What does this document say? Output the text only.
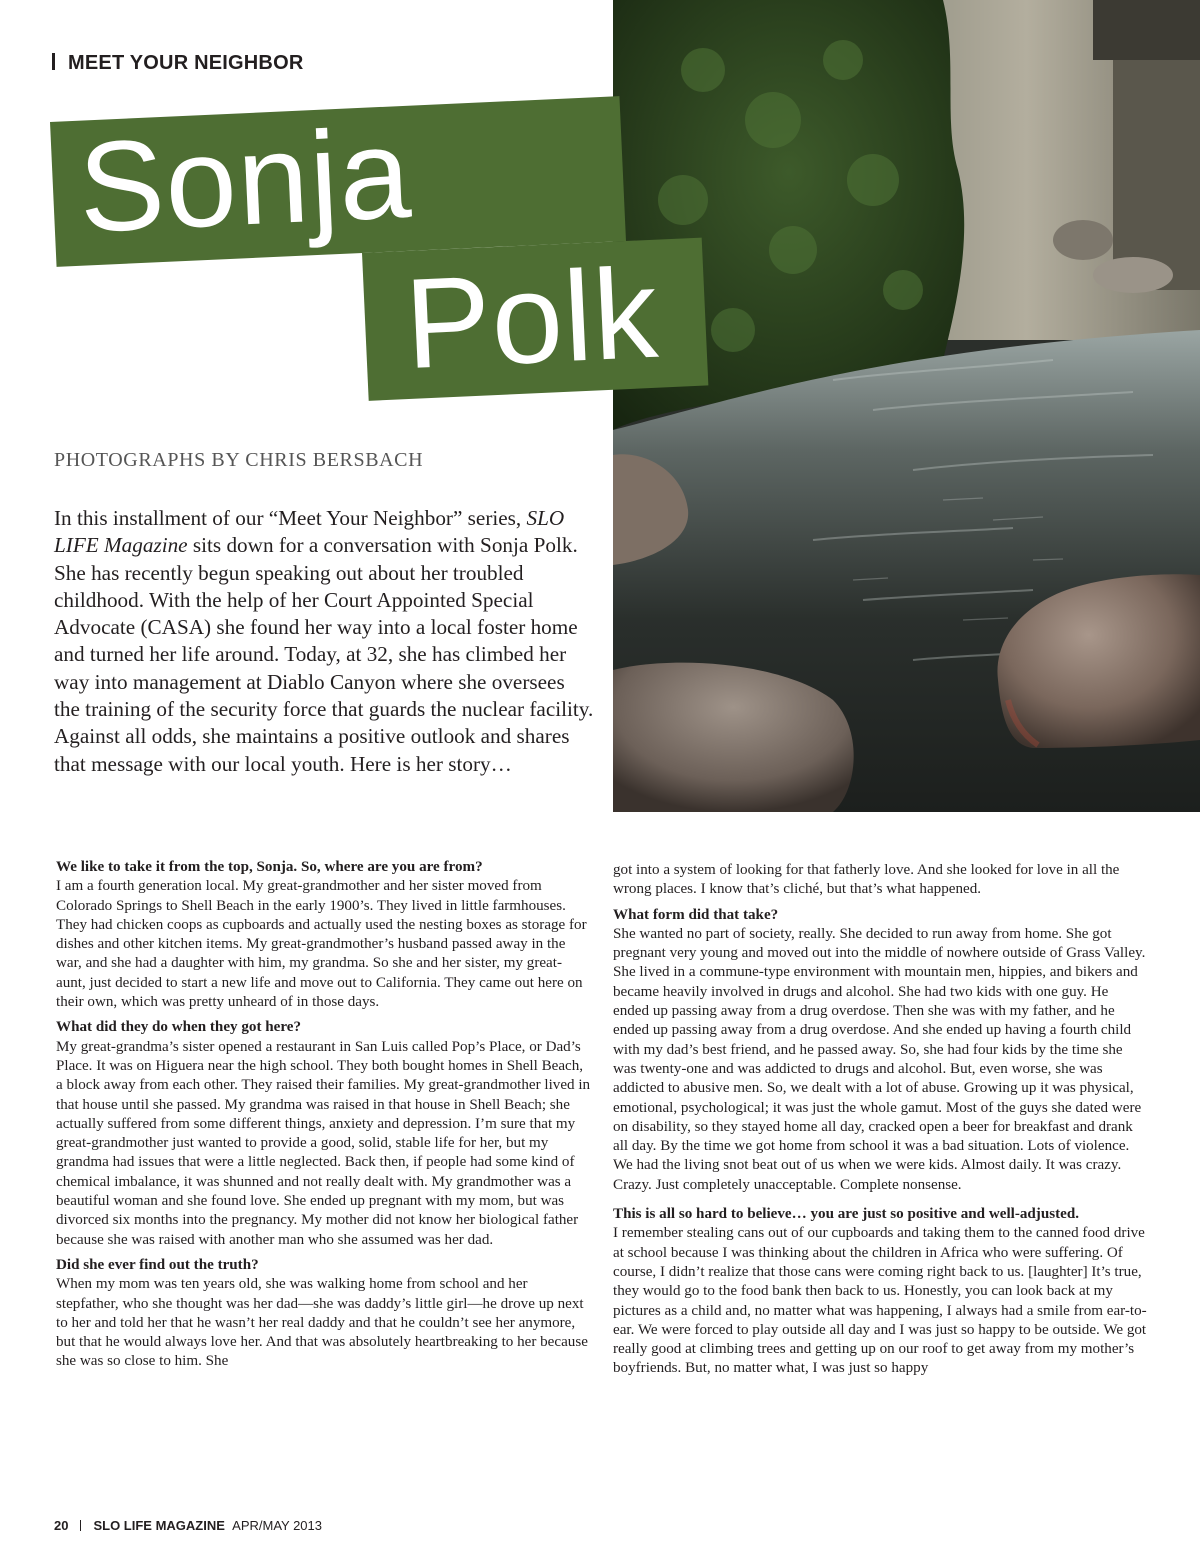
MEET YOUR NEIGHBOR
Sonja
Polk
PHOTOGRAPHS BY CHRIS BERSBACH
In this installment of our “Meet Your Neighbor” series, SLO LIFE Magazine sits down for a conversation with Sonja Polk. She has recently begun speaking out about her troubled childhood. With the help of her Court Appointed Special Advocate (CASA) she found her way into a local foster home and turned her life around. Today, at 32, she has climbed her way into management at Diablo Canyon where she oversees the training of the security force that guards the nuclear facility. Against all odds, she maintains a positive outlook and shares that message with our local youth. Here is her story…
We like to take it from the top, Sonja. So, where are you are from?
I am a fourth generation local. My great-grandmother and her sister moved from Colorado Springs to Shell Beach in the early 1900’s. They lived in little farmhouses. They had chicken coops as cupboards and actually used the nesting boxes as storage for dishes and other kitchen items. My great-grandmother’s husband passed away in the war, and she had a daughter with him, my grandma. So she and her sister, my great-aunt, just decided to start a new life and move out to California. They came out here on their own, which was pretty unheard of in those days.
What did they do when they got here?
My great-grandma’s sister opened a restaurant in San Luis called Pop’s Place, or Dad’s Place. It was on Higuera near the high school. They both bought homes in Shell Beach, a block away from each other. They raised their families. My great-grandmother lived in that house until she passed. My grandma was raised in that house in Shell Beach; she actually suffered from some different things, anxiety and depression. I’m sure that my great-grandmother just wanted to provide a good, solid, stable life for her, but my grandma had issues that were a little neglected. Back then, if people had some kind of chemical imbalance, it was shunned and not really dealt with. My grandmother was a beautiful woman and she found love. She ended up pregnant with my mom, but was divorced six months into the pregnancy. My mother did not know her biological father because she was raised with another man who she assumed was her dad.
Did she ever find out the truth?
When my mom was ten years old, she was walking home from school and her stepfather, who she thought was her dad—she was daddy’s little girl—he drove up next to her and told her that he wasn’t her real daddy and that he couldn’t see her anymore, but that he would always love her. And that was absolutely heartbreaking to her because she was so close to him. She
got into a system of looking for that fatherly love. And she looked for love in all the wrong places. I know that’s cliché, but that’s what happened.
What form did that take?
She wanted no part of society, really. She decided to run away from home. She got pregnant very young and moved out into the middle of nowhere outside of Grass Valley. She lived in a commune-type environment with mountain men, hippies, and bikers and became heavily involved in drugs and alcohol. She had two kids with one guy. He ended up passing away from a drug overdose. Then she was with my father, and he ended up passing away from a drug overdose. And she ended up having a fourth child with my dad’s best friend, and he passed away. So, she had four kids by the time she was twenty-one and was addicted to drugs and alcohol. But, even worse, she was addicted to abusive men. So, we dealt with a lot of abuse. Growing up it was physical, emotional, psychological; it was just the whole gamut. Most of the guys she dated were on disability, so they stayed home all day, cracked open a beer for breakfast and drank all day. By the time we got home from school it was a bad situation. Lots of violence. We had the living snot beat out of us when we were kids. Almost daily. It was crazy. Crazy. Just completely unacceptable. Complete nonsense.
This is all so hard to believe… you are just so positive and well-adjusted.
I remember stealing cans out of our cupboards and taking them to the canned food drive at school because I was thinking about the children in Africa who were suffering. Of course, I didn’t realize that those cans were coming right back to us. [laughter] It’s true, they would go to the food bank then back to us. Honestly, you can look back at my pictures as a child and, no matter what was happening, I always had a smile from ear-to-ear. We were forced to play outside all day and I was just so happy to be outside. We got really good at climbing trees and getting up on our roof to get away from my mother’s boyfriends. But, no matter what, I was just so happy
20 SLO LIFE MAGAZINE APR/MAY 2013
